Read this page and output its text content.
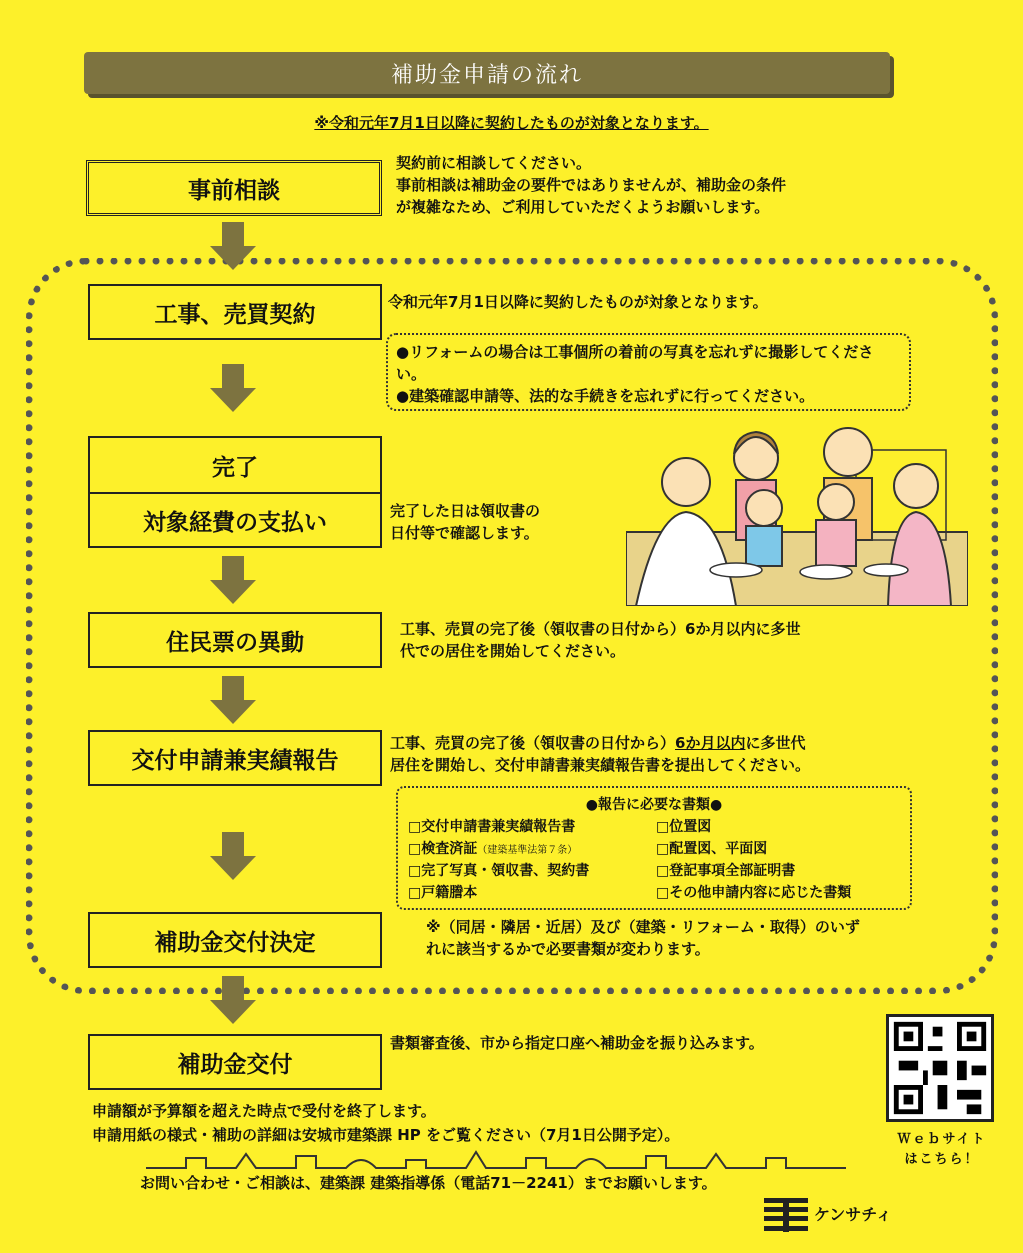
補助金申請の流れ
※令和元年7月1日以降に契約したものが対象となります。
事前相談
契約前に相談してください。
事前相談は補助金の要件ではありませんが、補助金の条件
が複雑なため、ご利用していただくようお願いします。
工事、売買契約	令和元年7月1日以降に契約したものが対象となります。
●リフォームの場合は工事個所の着前の写真を忘れずに撮影してください。
●建築確認申請等、法的な手続きを忘れずに行ってください。
完了
対象経費の支払い	完了した日は領収書の
日付等で確認します。
住民票の異動
工事、売買の完了後（領収書の日付から）6か月以内に多世
代での居住を開始してください。
交付申請兼実績報告
工事、売買の完了後（領収書の日付から）6か月以内に多世代
居住を開始し、交付申請書兼実績報告書を提出してください。
●報告に必要な書類●
□交付申請書兼実績報告書	□位置図
□検査済証（建築基準法第７条）	□配置図、平面図
□完了写真・領収書、契約書	□登記事項全部証明書
□戸籍謄本	□その他申請内容に応じた書類
※（同居・隣居・近居）及び（建築・リフォーム・取得）のいず
れに該当するかで必要書類が変わります。
補助金交付決定
補助金交付
書類審査後、市から指定口座へ補助金を振り込みます。
Ｗｅｂサイト
はこちら！
申請額が予算額を超えた時点で受付を終了します。
申請用紙の様式・補助の詳細は安城市建築課 HP をご覧ください（7月1日公開予定）。
お問い合わせ・ご相談は、建築課 建築指導係（電話71－2241）までお願いします。
ケンサチィ
